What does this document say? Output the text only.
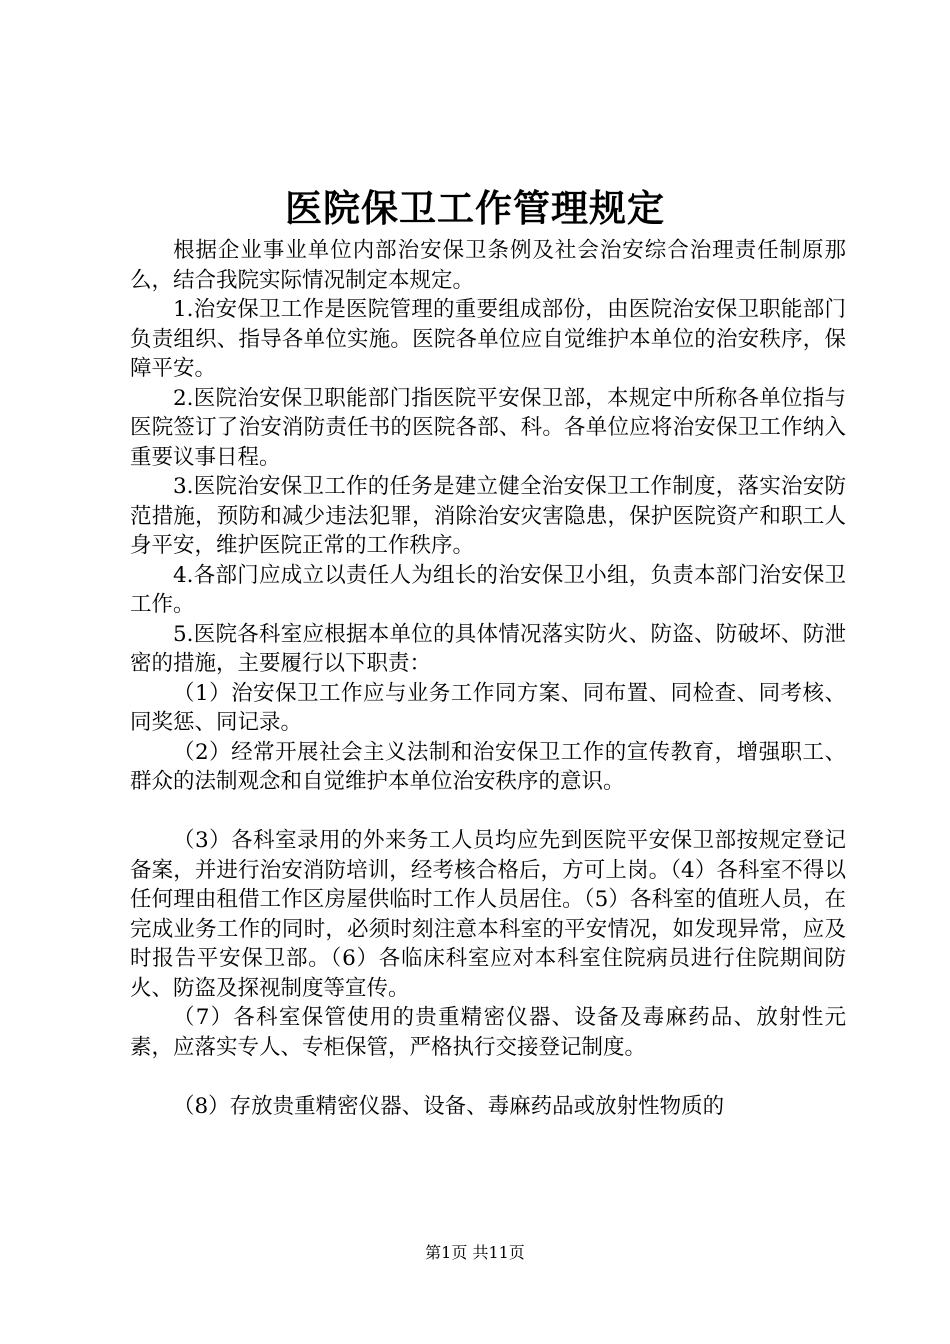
医院保卫工作管理规定

根据企业事业单位内部治安保卫条例及社会治安综合治理责任制原那么，结合我院实际情况制定本规定。

1.治安保卫工作是医院管理的重要组成部份，由医院治安保卫职能部门负责组织、指导各单位实施。医院各单位应自觉维护本单位的治安秩序，保障平安。

2.医院治安保卫职能部门指医院平安保卫部，本规定中所称各单位指与医院签订了治安消防责任书的医院各部、科。各单位应将治安保卫工作纳入重要议事日程。

3.医院治安保卫工作的任务是建立健全治安保卫工作制度，落实治安防范措施，预防和减少违法犯罪，消除治安灾害隐患，保护医院资产和职工人身平安，维护医院正常的工作秩序。

4.各部门应成立以责任人为组长的治安保卫小组，负责本部门治安保卫工作。

5.医院各科室应根据本单位的具体情况落实防火、防盗、防破坏、防泄密的措施，主要履行以下职责：

（1）治安保卫工作应与业务工作同方案、同布置、同检查、同考核、同奖惩、同记录。

（2）经常开展社会主义法制和治安保卫工作的宣传教育，增强职工、群众的法制观念和自觉维护本单位治安秩序的意识。

（3）各科室录用的外来务工人员均应先到医院平安保卫部按规定登记备案，并进行治安消防培训，经考核合格后，方可上岗。（4）各科室不得以任何理由租借工作区房屋供临时工作人员居住。（5）各科室的值班人员，在完成业务工作的同时，必须时刻注意本科室的平安情况，如发现异常，应及时报告平安保卫部。（6）各临床科室应对本科室住院病员进行住院期间防火、防盗及探视制度等宣传。

（7）各科室保管使用的贵重精密仪器、设备及毒麻药品、放射性元素，应落实专人、专柜保管，严格执行交接登记制度。

（8）存放贵重精密仪器、设备、毒麻药品或放射性物质的

第1页 共11页
